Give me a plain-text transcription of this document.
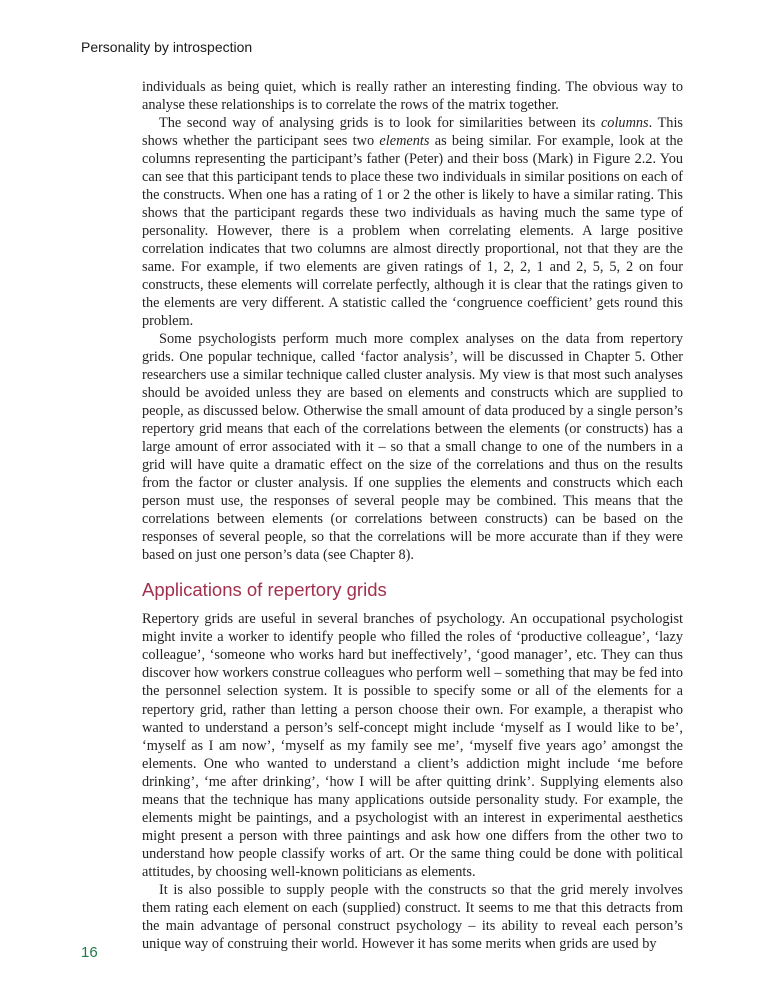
Personality by introspection

individuals as being quiet, which is really rather an interesting finding. The obvious way to analyse these relationships is to correlate the rows of the matrix together.

The second way of analysing grids is to look for similarities between its columns. This shows whether the participant sees two elements as being similar. For example, look at the columns representing the participant’s father (Peter) and their boss (Mark) in Figure 2.2. You can see that this participant tends to place these two individuals in similar positions on each of the constructs. When one has a rating of 1 or 2 the other is likely to have a similar rating. This shows that the participant regards these two individuals as having much the same type of personality. However, there is a problem when correlating elements. A large positive correlation indicates that two columns are almost directly proportional, not that they are the same. For example, if two elements are given ratings of 1, 2, 2, 1 and 2, 5, 5, 2 on four constructs, these elements will correlate perfectly, although it is clear that the ratings given to the elements are very different. A statistic called the ‘congruence coefficient’ gets round this problem.

Some psychologists perform much more complex analyses on the data from repertory grids. One popular technique, called ‘factor analysis’, will be discussed in Chapter 5. Other researchers use a similar technique called cluster analysis. My view is that most such analyses should be avoided unless they are based on elements and constructs which are supplied to people, as discussed below. Otherwise the small amount of data produced by a single person’s repertory grid means that each of the correlations between the elements (or constructs) has a large amount of error associated with it – so that a small change to one of the numbers in a grid will have quite a dramatic effect on the size of the correlations and thus on the results from the factor or cluster analysis. If one supplies the elements and constructs which each person must use, the responses of several people may be combined. This means that the correlations between elements (or correlations between constructs) can be based on the responses of several people, so that the correlations will be more accurate than if they were based on just one person’s data (see Chapter 8).

Applications of repertory grids

Repertory grids are useful in several branches of psychology. An occupational psychologist might invite a worker to identify people who filled the roles of ‘productive colleague’, ‘lazy colleague’, ‘someone who works hard but ineffectively’, ‘good manager’, etc. They can thus discover how workers construe colleagues who perform well – something that may be fed into the personnel selection system. It is possible to specify some or all of the elements for a repertory grid, rather than letting a person choose their own. For example, a therapist who wanted to understand a person’s self-concept might include ‘myself as I would like to be’, ‘myself as I am now’, ‘myself as my family see me’, ‘myself five years ago’ amongst the elements. One who wanted to understand a client’s addiction might include ‘me before drinking’, ‘me after drinking’, ‘how I will be after quitting drink’. Supplying elements also means that the technique has many applications outside personality study. For example, the elements might be paintings, and a psychologist with an interest in experimental aesthetics might present a person with three paintings and ask how one differs from the other two to understand how people classify works of art. Or the same thing could be done with political attitudes, by choosing well-known politicians as elements.

It is also possible to supply people with the constructs so that the grid merely involves them rating each element on each (supplied) construct. It seems to me that this detracts from the main advantage of personal construct psychology – its ability to reveal each person’s unique way of construing their world. However it has some merits when grids are used by

16
